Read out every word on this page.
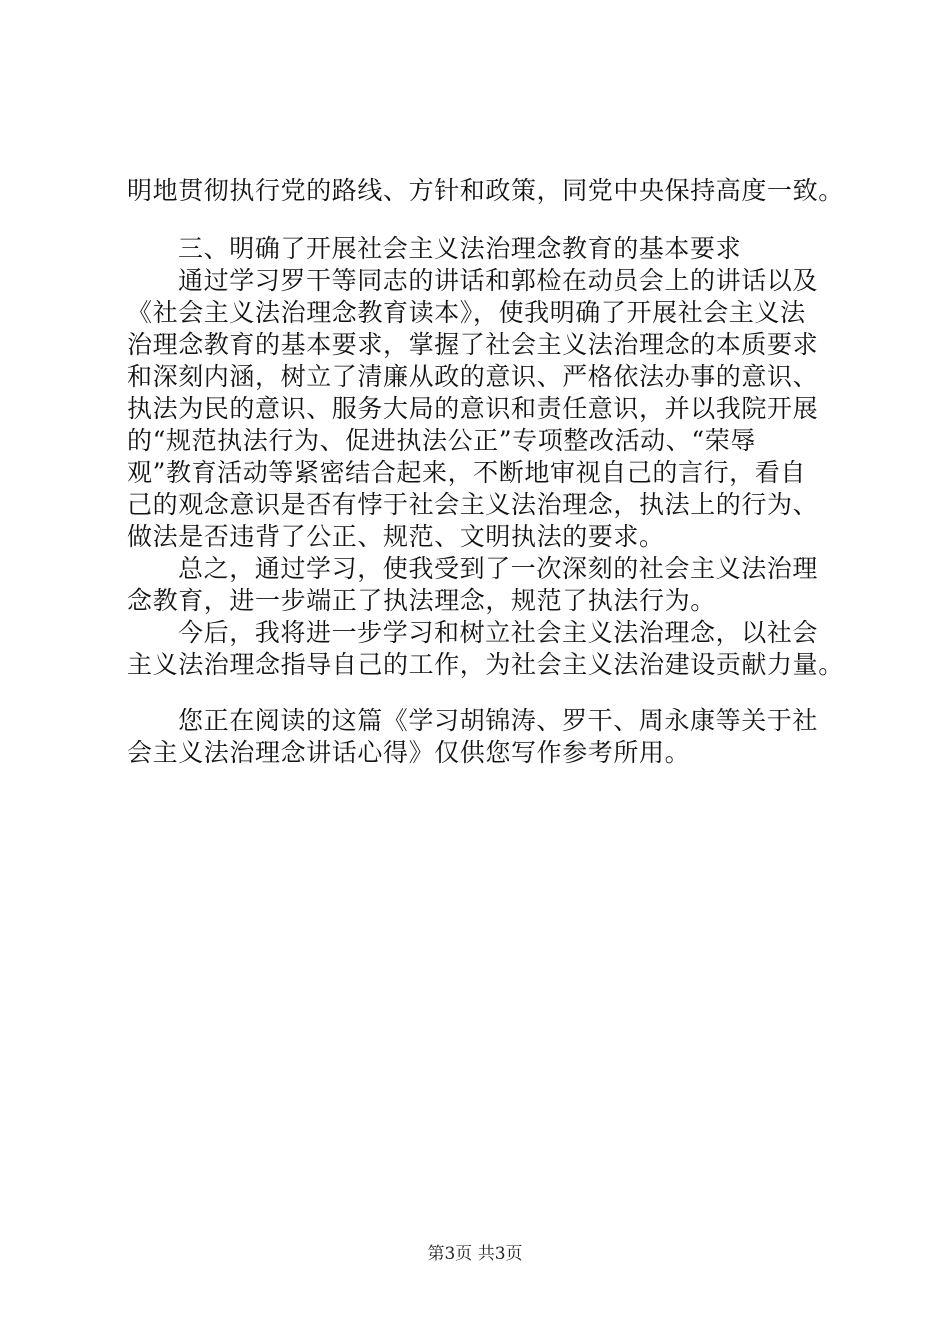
明地贯彻执行党的路线、方针和政策，同党中央保持高度一致。
三、明确了开展社会主义法治理念教育的基本要求
通过学习罗干等同志的讲话和郭检在动员会上的讲话以及
《社会主义法治理念教育读本》，使我明确了开展社会主义法
治理念教育的基本要求，掌握了社会主义法治理念的本质要求
和深刻内涵，树立了清廉从政的意识、严格依法办事的意识、
执法为民的意识、服务大局的意识和责任意识，并以我院开展
的“规范执法行为、促进执法公正”专项整改活动、“荣辱
观”教育活动等紧密结合起来，不断地审视自己的言行，看自
己的观念意识是否有悖于社会主义法治理念，执法上的行为、
做法是否违背了公正、规范、文明执法的要求。
总之，通过学习，使我受到了一次深刻的社会主义法治理
念教育，进一步端正了执法理念，规范了执法行为。
今后，我将进一步学习和树立社会主义法治理念，以社会
主义法治理念指导自己的工作，为社会主义法治建设贡献力量。
您正在阅读的这篇《学习胡锦涛、罗干、周永康等关于社
会主义法治理念讲话心得》仅供您写作参考所用。
第3页 共3页
